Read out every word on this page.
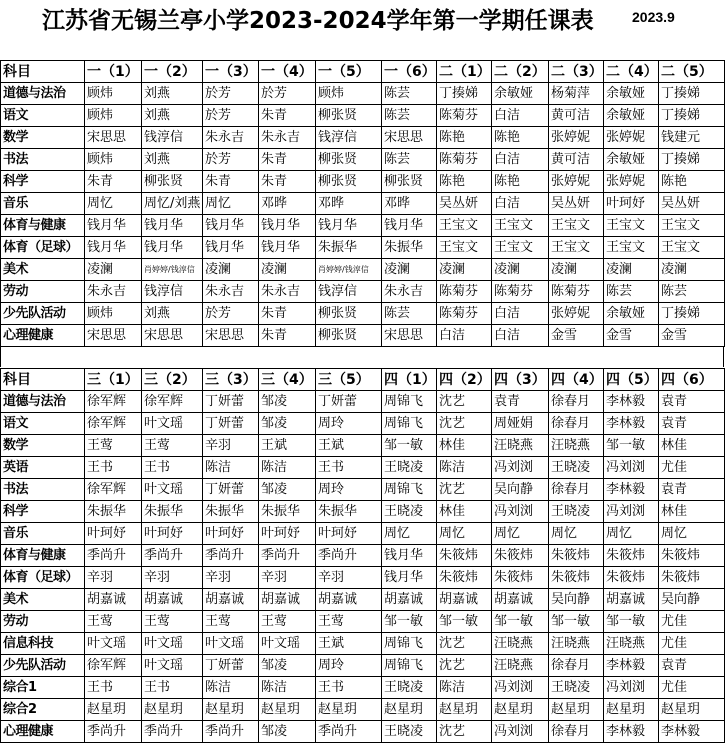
江苏省无锡兰亭小学2023-2024学年第一学期任课表	2023.9
科目	一（1）	一（2）	一（3）	一（4）	一（5）	一（6）	二（1）	二（2）	二（3）	二（4）	二（5）
道德与法治	顾炜	刘燕	於芳	於芳	顾炜	陈芸	丁揍娣	余敏娅	杨菊萍	余敏娅	丁揍娣
语文	顾炜	刘燕	於芳	朱青	柳张贤	陈芸	陈菊芬	白洁	黄可洁	余敏娅	丁揍娣
数学	宋思思	钱淳信	朱永吉	朱永吉	钱淳信	宋思思	陈艳	陈艳	张婷妮	张婷妮	钱建元
书法	顾炜	刘燕	於芳	朱青	柳张贤	陈芸	陈菊芬	白洁	黄可洁	余敏娅	丁揍娣
科学	朱青	柳张贤	朱青	朱青	柳张贤	柳张贤	陈艳	陈艳	张婷妮	张婷妮	陈艳
音乐	周忆	周忆/刘燕	周忆	邓晔	邓晔	邓晔	吴丛妍	白洁	吴丛妍	叶珂妤	吴丛妍
体育与健康	钱月华	钱月华	钱月华	钱月华	钱月华	钱月华	王宝文	王宝文	王宝文	王宝文	王宝文
体育（足球）	钱月华	钱月华	钱月华	钱月华	朱振华	朱振华	王宝文	王宝文	王宝文	王宝文	王宝文
美术	凌澜	肖婷婷/钱淳信	凌澜	凌澜	肖婷婷/钱淳信	凌澜	凌澜	凌澜	凌澜	凌澜	凌澜
劳动	朱永吉	钱淳信	朱永吉	朱永吉	钱淳信	朱永吉	陈菊芬	陈菊芬	陈菊芬	陈芸	陈芸
少先队活动	顾炜	刘燕	於芳	朱青	柳张贤	陈芸	陈菊芬	白洁	张婷妮	余敏娅	丁揍娣
心理健康	宋思思	宋思思	宋思思	朱青	柳张贤	宋思思	白洁	白洁	金雪	金雪	金雪
科目	三（1）	三（2）	三（3）	三（4）	三（5）	四（1）	四（2）	四（3）	四（4）	四（5）	四（6）
道德与法治	徐军辉	徐军辉	丁妍蕾	邹凌	丁妍蕾	周锦飞	沈艺	袁青	徐春月	李林毅	袁青
语文	徐军辉	叶文瑶	丁妍蕾	邹凌	周玲	周锦飞	沈艺	周娅娟	徐春月	李林毅	袁青
数学	王莺	王莺	辛羽	王斌	王斌	邹一敏	林佳	汪晓燕	汪晓燕	邹一敏	林佳
英语	王书	王书	陈洁	陈洁	王书	王晓凌	陈洁	冯刘浏	王晓凌	冯刘浏	尤佳
书法	徐军辉	叶文瑶	丁妍蕾	邹凌	周玲	周锦飞	沈艺	吴向静	徐春月	李林毅	袁青
科学	朱振华	朱振华	朱振华	朱振华	朱振华	王晓凌	林佳	冯刘浏	王晓凌	冯刘浏	林佳
音乐	叶珂妤	叶珂妤	叶珂妤	叶珂妤	叶珂妤	周忆	周忆	周忆	周忆	周忆	周忆
体育与健康	季尚升	季尚升	季尚升	季尚升	季尚升	钱月华	朱筱炜	朱筱炜	朱筱炜	朱筱炜	朱筱炜
体育（足球）	辛羽	辛羽	辛羽	辛羽	辛羽	钱月华	朱筱炜	朱筱炜	朱筱炜	朱筱炜	朱筱炜
美术	胡嘉诚	胡嘉诚	胡嘉诚	胡嘉诚	胡嘉诚	胡嘉诚	胡嘉诚	胡嘉诚	吴向静	胡嘉诚	吴向静
劳动	王莺	王莺	王莺	王莺	王莺	邹一敏	邹一敏	邹一敏	邹一敏	邹一敏	尤佳
信息科技	叶文瑶	叶文瑶	叶文瑶	叶文瑶	王斌	周锦飞	沈艺	汪晓燕	汪晓燕	汪晓燕	尤佳
少先队活动	徐军辉	叶文瑶	丁妍蕾	邹凌	周玲	周锦飞	沈艺	汪晓燕	徐春月	李林毅	袁青
综合1	王书	王书	陈洁	陈洁	王书	王晓凌	陈洁	冯刘浏	王晓凌	冯刘浏	尤佳
综合2	赵星玥	赵星玥	赵星玥	赵星玥	赵星玥	赵星玥	赵星玥	赵星玥	赵星玥	赵星玥	赵星玥
心理健康	季尚升	季尚升	季尚升	邹凌	季尚升	王晓凌	沈艺	冯刘浏	徐春月	李林毅	李林毅
